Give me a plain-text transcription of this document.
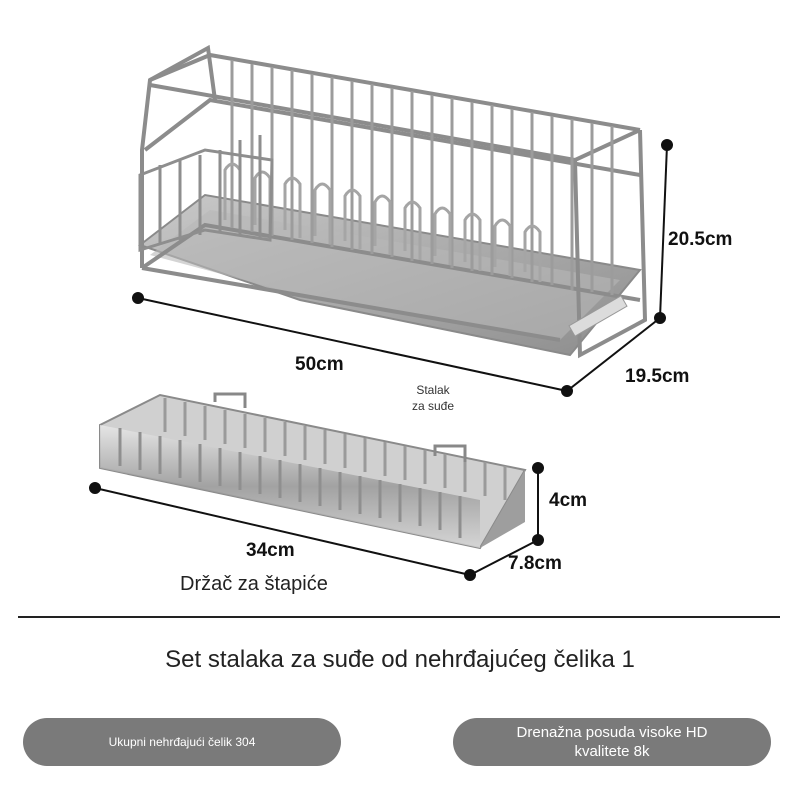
20.5cm
50cm
19.5cm
4cm
34cm
7.8cm
Stalak
za suđe
Držač za štapiće
Set stalaka za suđe od nehrđajućeg čelika 1
Ukupni nehrđajući čelik 304
Drenažna posuda visoke HD kvalitete 8k
